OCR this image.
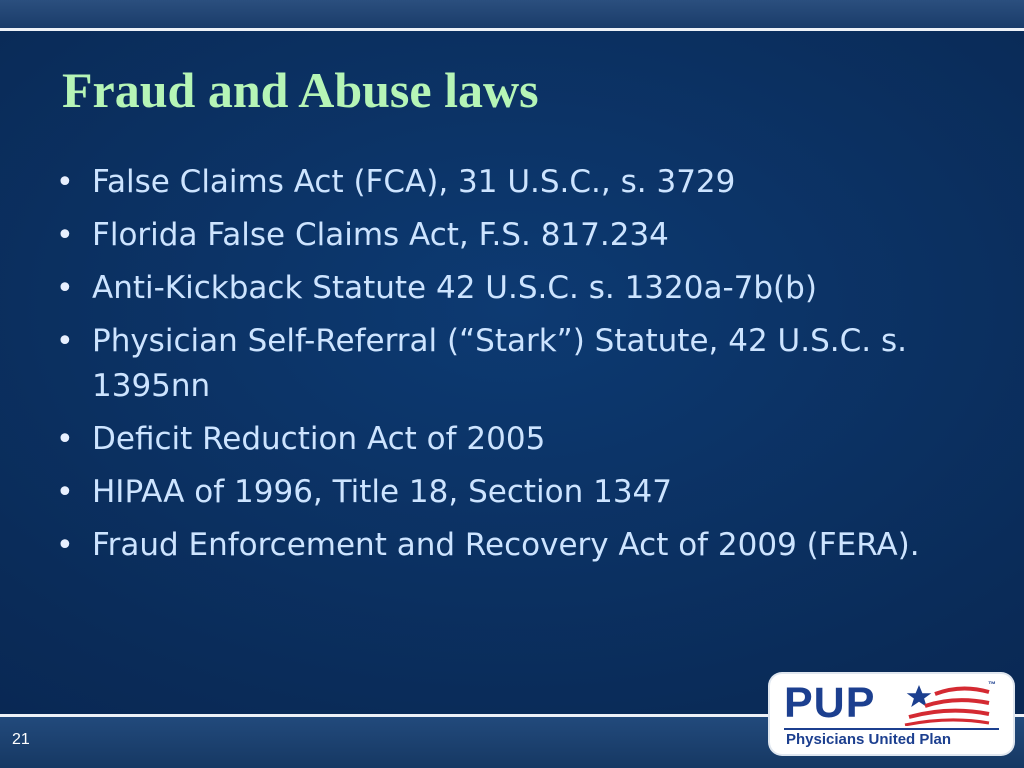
Fraud and Abuse laws
• False Claims Act (FCA), 31 U.S.C., s. 3729
• Florida False Claims Act, F.S. 817.234
• Anti-Kickback Statute 42 U.S.C. s. 1320a-7b(b)
• Physician Self-Referral (“Stark”) Statute, 42 U.S.C. s. 1395nn
• Deficit Reduction Act of 2005
• HIPAA of 1996, Title 18, Section 1347
• Fraud Enforcement and Recovery Act of 2009 (FERA).
21
PUP	™
Physicians United Plan
